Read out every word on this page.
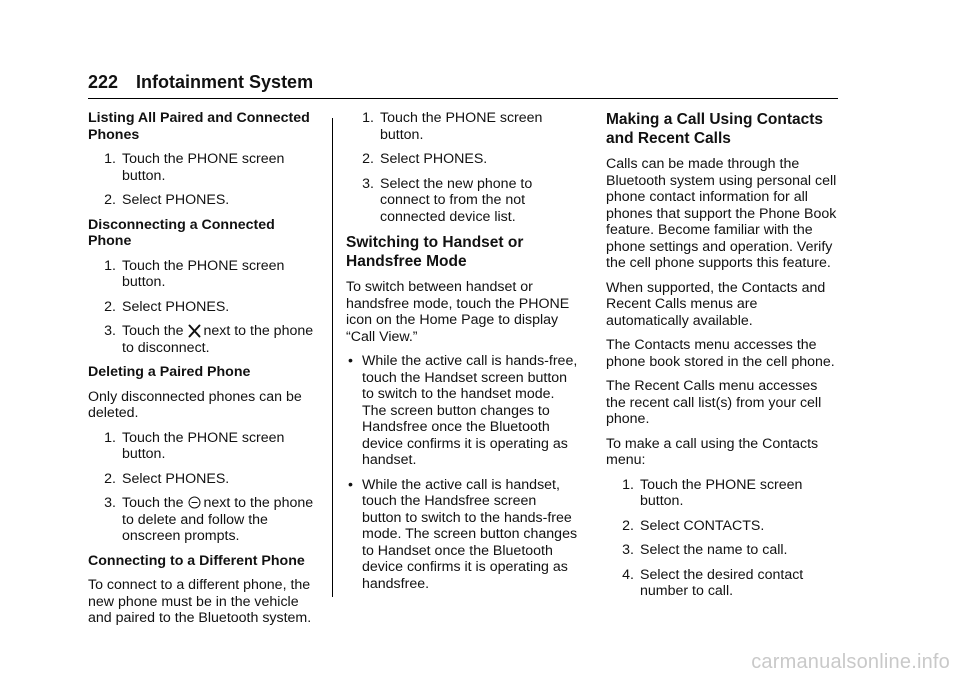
222 Infotainment System
Listing All Paired and Connected Phones
1. Touch the PHONE screen button.
2. Select PHONES.
Disconnecting a Connected Phone
1. Touch the PHONE screen button.
2. Select PHONES.
3. Touch the next to the phone to disconnect.
Deleting a Paired Phone

Only disconnected phones can be deleted.

1. Touch the PHONE screen button.
2. Select PHONES.
3. Touch the next to the phone to delete and follow the onscreen prompts.
Connecting to a Different Phone

To connect to a different phone, the new phone must be in the vehicle and paired to the Bluetooth system.

1. Touch the PHONE screen button.
2. Select PHONES.
3. Select the new phone to connect to from the not connected device list.
Switching to Handset or Handsfree Mode

To switch between handset or handsfree mode, touch the PHONE icon on the Home Page to display “Call View.”

• While the active call is hands-free, touch the Handset screen button to switch to the handset mode. The screen button changes to Handsfree once the Bluetooth device confirms it is operating as handset.
• While the active call is handset, touch the Handsfree screen button to switch to the hands-free mode. The screen button changes to Handset once the Bluetooth device confirms it is operating as handsfree.
Making a Call Using Contacts and Recent Calls

Calls can be made through the Bluetooth system using personal cell phone contact information for all phones that support the Phone Book feature. Become familiar with the phone settings and operation. Verify the cell phone supports this feature.

When supported, the Contacts and Recent Calls menus are automatically available.

The Contacts menu accesses the phone book stored in the cell phone.

The Recent Calls menu accesses the recent call list(s) from your cell phone.

To make a call using the Contacts menu:

1. Touch the PHONE screen button.
2. Select CONTACTS.
3. Select the name to call.
4. Select the desired contact number to call.
carmanualsonline.info
